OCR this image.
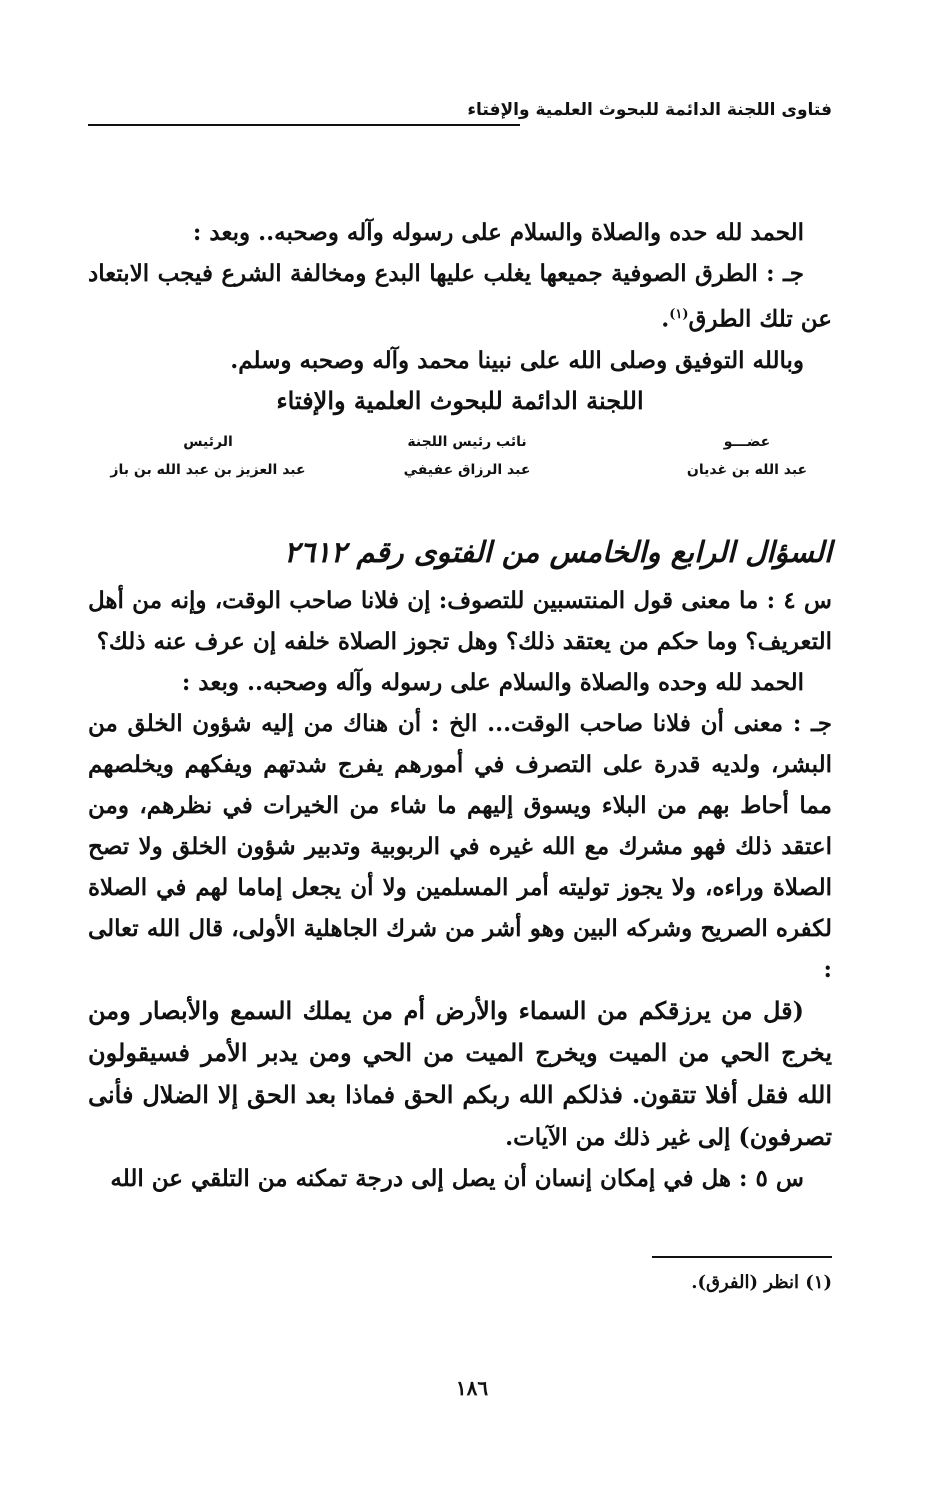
فتاوى اللجنة الدائمة للبحوث العلمية والإفتاء

الحمد لله حده والصلاة والسلام على رسوله وآله وصحبه.. وبعد :

جـ : الطرق الصوفية جميعها يغلب عليها البدع ومخالفة الشرع فيجب الابتعاد عن تلك الطرق$^{(١)}$.

وبالله التوفيق وصلى الله على نبينا محمد وآله وصحبه وسلم.

اللجنة الدائمة للبحوث العلمية والإفتاء

عضـــو
عبد الله بن غديان
نائب رئيس اللجنة
عبد الرزاق عفيفي
الرئيس
عبد العزيز بن عبد الله بن باز
السؤال الرابع والخامس من الفتوى رقم ٢٦١٢

س ٤ : ما معنى قول المنتسبين للتصوف: إن فلانا صاحب الوقت، وإنه من أهل التعريف؟ وما حكم من يعتقد ذلك؟ وهل تجوز الصلاة خلفه إن عرف عنه ذلك؟

الحمد لله وحده والصلاة والسلام على رسوله وآله وصحبه.. وبعد :

جـ : معنى أن فلانا صاحب الوقت... الخ : أن هناك من إليه شؤون الخلق من البشر، ولديه قدرة على التصرف في أمورهم يفرج شدتهم ويفكهم ويخلصهم مما أحاط بهم من البلاء ويسوق إليهم ما شاء من الخيرات في نظرهم، ومن اعتقد ذلك فهو مشرك مع الله غيره في الربوبية وتدبير شؤون الخلق ولا تصح الصلاة وراءه، ولا يجوز توليته أمر المسلمين ولا أن يجعل إماما لهم في الصلاة لكفره الصريح وشركه البين وهو أشر من شرك الجاهلية الأولى، قال الله تعالى :

(قل من يرزقكم من السماء والأرض أم من يملك السمع والأبصار ومن يخرج الحي من الميت ويخرج الميت من الحي ومن يدبر الأمر فسيقولون الله فقل أفلا تتقون. فذلكم الله ربكم الحق فماذا بعد الحق إلا الضلال فأنى تصرفون) إلى غير ذلك من الآيات.

س ٥ : هل في إمكان إنسان أن يصل إلى درجة تمكنه من التلقي عن الله

(١) انظر (الفرق).

١٨٦
